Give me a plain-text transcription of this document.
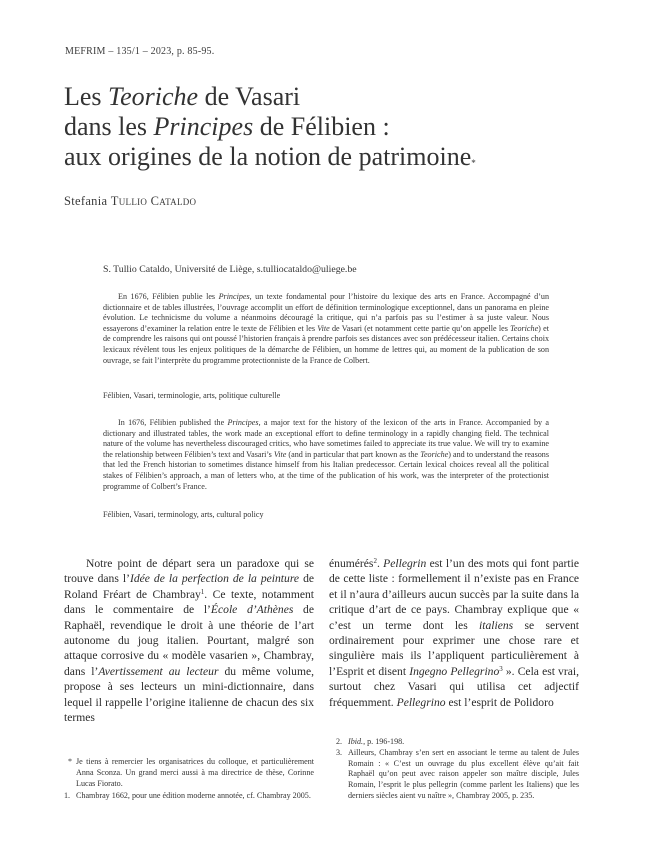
MEFRIM – 135/1 – 2023, p. 85-95.
Les Teoriche de Vasari
dans les Principes de Félibien :
aux origines de la notion de patrimoine*
Stefania Tullio Cataldo
S. Tullio Cataldo, Université de Liège, s.tulliocataldo@uliege.be

En 1676, Félibien publie les Principes, un texte fondamental pour l’histoire du lexique des arts en France. Accompagné d’un dictionnaire et de tables illustrées, l’ouvrage accomplit un effort de définition terminologique exceptionnel, dans un panorama en pleine évolution. Le technicisme du volume a néanmoins découragé la critique, qui n’a parfois pas su l’estimer à sa juste valeur. Nous essayerons d’examiner la relation entre le texte de Félibien et les Vite de Vasari (et notamment cette partie qu’on appelle les Teoriche) et de comprendre les raisons qui ont poussé l’historien français à prendre parfois ses distances avec son prédécesseur italien. Certains choix lexicaux révèlent tous les enjeux politiques de la démarche de Félibien, un homme de lettres qui, au moment de la publication de son ouvrage, se fait l’interprète du programme protectionniste de la France de Colbert.

Félibien, Vasari, terminologie, arts, politique culturelle

In 1676, Félibien published the Principes, a major text for the history of the lexicon of the arts in France. Accompanied by a dictionary and illustrated tables, the work made an exceptional effort to define terminology in a rapidly changing field. The technical nature of the volume has nevertheless discouraged critics, who have sometimes failed to appreciate its true value. We will try to examine the relationship between Félibien’s text and Vasari’s Vite (and in particular that part known as the Teoriche) and to understand the reasons that led the French historian to sometimes distance himself from his Italian predecessor. Certain lexical choices reveal all the political stakes of Félibien’s approach, a man of letters who, at the time of the publication of his work, was the interpreter of the protectionist programme of Colbert’s France.

Félibien, Vasari, terminology, arts, cultural policy
Notre point de départ sera un paradoxe qui se trouve dans l’Idée de la perfection de la peinture de Roland Fréart de Chambray$^1$. Ce texte, notamment dans le commentaire de l’École d’Athènes de Raphaël, revendique le droit à une théorie de l’art autonome du joug italien. Pourtant, malgré son attaque corrosive du « modèle vasarien », Chambray, dans l’Avertissement au lecteur du même volume, propose à ses lecteurs un mini-dictionnaire, dans lequel il rappelle l’origine italienne de chacun des six termes
énumérés$^2$. Pellegrin est l’un des mots qui font partie de cette liste : formellement il n’existe pas en France et il n’aura d’ailleurs aucun succès par la suite dans la critique d’art de ce pays. Chambray explique que « c’est un terme dont les italiens se servent ordinairement pour exprimer une chose rare et singulière mais ils l’appliquent particulièrement à l’Esprit et disent Ingegno Pellegrino$^3$ ». Cela est vrai, surtout chez Vasari qui utilisa cet adjectif fréquemment. Pellegrino est l’esprit de Polidoro
* Je tiens à remercier les organisatrices du colloque, et particulièrement Anna Sconza. Un grand merci aussi à ma directrice de thèse, Corinne Lucas Fiorato.
1. Chambray 1662, pour une édition moderne annotée, cf. Chambray 2005.
2. Ibid., p. 196-198.
3. Ailleurs, Chambray s’en sert en associant le terme au talent de Jules Romain : « C’est un ouvrage du plus excellent élève qu’ait fait Raphaël qu’on peut avec raison appeler son maître disciple, Jules Romain, l’esprit le plus pellegrin (comme parlent les Italiens) que les derniers siècles aient vu naître », Chambray 2005, p. 235.
